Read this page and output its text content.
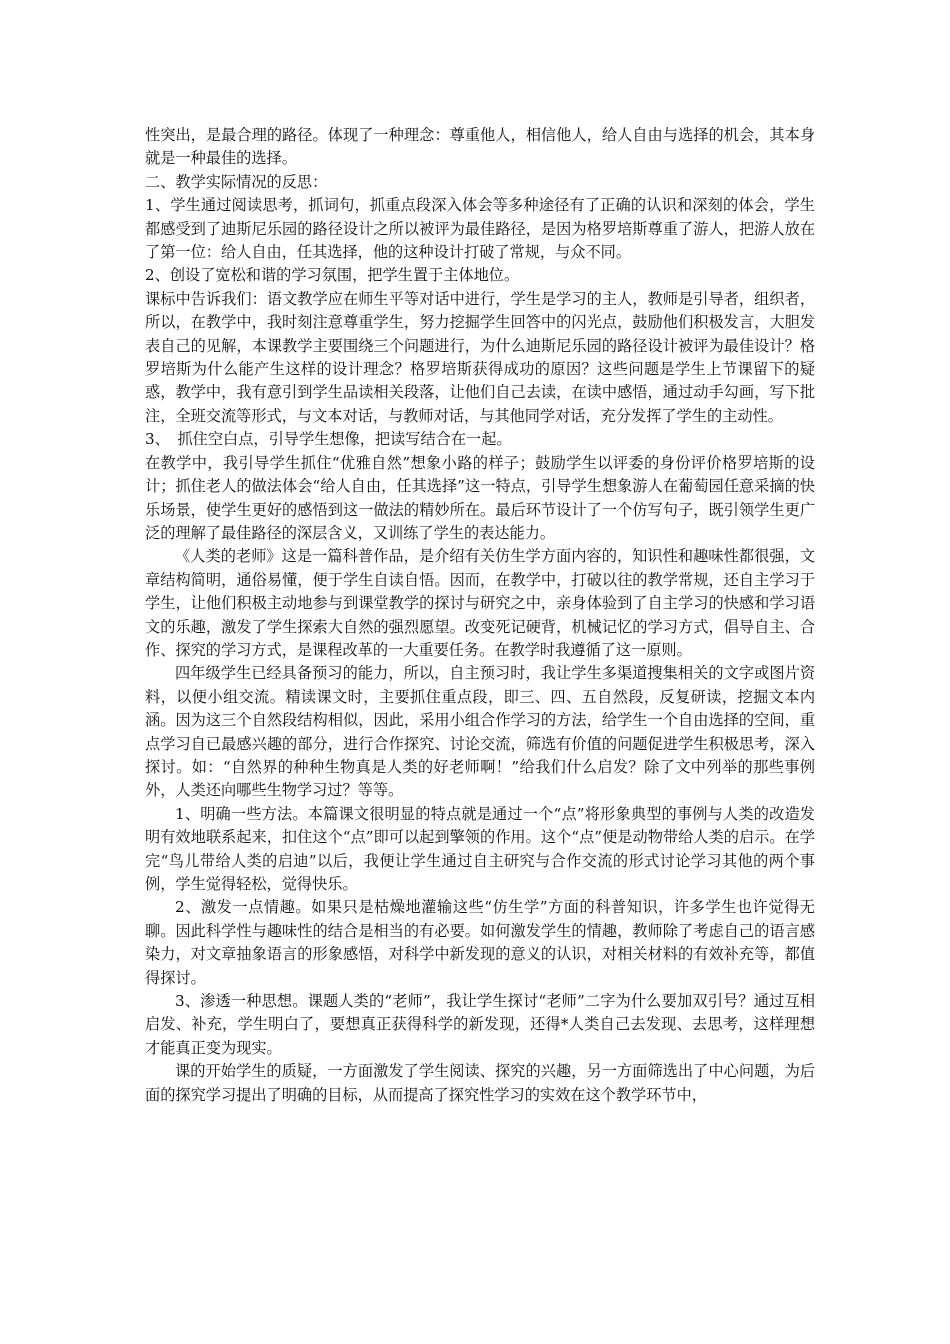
性突出，是最合理的路径。体现了一种理念：尊重他人，相信他人，给人自由与选择的机会，其本身就是一种最佳的选择。

二、教学实际情况的反思：

1、学生通过阅读思考，抓词句，抓重点段深入体会等多种途径有了正确的认识和深刻的体会，学生都感受到了迪斯尼乐园的路径设计之所以被评为最佳路径，是因为格罗培斯尊重了游人，把游人放在了第一位：给人自由，任其选择，他的这种设计打破了常规，与众不同。

2、创设了宽松和谐的学习氛围，把学生置于主体地位。

课标中告诉我们：语文教学应在师生平等对话中进行，学生是学习的主人，教师是引导者，组织者，所以，在教学中，我时刻注意尊重学生，努力挖掘学生回答中的闪光点，鼓励他们积极发言，大胆发表自己的见解，本课教学主要围绕三个问题进行，为什么迪斯尼乐园的路径设计被评为最佳设计？格罗培斯为什么能产生这样的设计理念？格罗培斯获得成功的原因？这些问题是学生上节课留下的疑惑，教学中，我有意引到学生品读相关段落，让他们自己去读，在读中感悟，通过动手勾画，写下批注，全班交流等形式，与文本对话，与教师对话，与其他同学对话，充分发挥了学生的主动性。

3、　抓住空白点，引导学生想像，把读写结合在一起。

在教学中，我引导学生抓住“优雅自然”想象小路的样子；鼓励学生以评委的身份评价格罗培斯的设计；抓住老人的做法体会“给人自由，任其选择”这一特点，引导学生想象游人在葡萄园任意采摘的快乐场景，使学生更好的感悟到这一做法的精妙所在。最后环节设计了一个仿写句子，既引领学生更广泛的理解了最佳路径的深层含义，又训练了学生的表达能力。

《人类的老师》这是一篇科普作品，是介绍有关仿生学方面内容的，知识性和趣味性都很强，文章结构简明，通俗易懂，便于学生自读自悟。因而，在教学中，打破以往的教学常规，还自主学习于学生，让他们积极主动地参与到课堂教学的探讨与研究之中，亲身体验到了自主学习的快感和学习语文的乐趣，激发了学生探索大自然的强烈愿望。改变死记硬背，机械记忆的学习方式，倡导自主、合作、探究的学习方式，是课程改革的一大重要任务。在教学时我遵循了这一原则。

四年级学生已经具备预习的能力，所以，自主预习时，我让学生多渠道搜集相关的文字或图片资料，以便小组交流。精读课文时，主要抓住重点段，即三、四、五自然段，反复研读，挖掘文本内涵。因为这三个自然段结构相似，因此，采用小组合作学习的方法，给学生一个自由选择的空间，重点学习自已最感兴趣的部分，进行合作探究、讨论交流，筛选有价值的问题促进学生积极思考，深入探讨。如：“自然界的种种生物真是人类的好老师啊！”给我们什么启发？除了文中列举的那些事例外，人类还向哪些生物学习过？等等。

1、明确一些方法。本篇课文很明显的特点就是通过一个“点”将形象典型的事例与人类的改造发明有效地联系起来，扣住这个“点”即可以起到擎领的作用。这个“点”便是动物带给人类的启示。在学完“鸟儿带给人类的启迪”以后，我便让学生通过自主研究与合作交流的形式讨论学习其他的两个事例，学生觉得轻松，觉得快乐。

2、激发一点情趣。如果只是枯燥地灌输这些“仿生学”方面的科普知识，许多学生也许觉得无聊。因此科学性与趣味性的结合是相当的有必要。如何激发学生的情趣，教师除了考虑自己的语言感染力，对文章抽象语言的形象感悟，对科学中新发现的意义的认识，对相关材料的有效补充等，都值得探讨。

3、渗透一种思想。课题人类的“老师”，我让学生探讨“老师”二字为什么要加双引号？通过互相启发、补充，学生明白了，要想真正获得科学的新发现，还得*人类自己去发现、去思考，这样理想才能真正变为现实。

课的开始学生的质疑，一方面激发了学生阅读、探究的兴趣，另一方面筛选出了中心问题，为后面的探究学习提出了明确的目标，从而提高了探究性学习的实效在这个教学环节中，
